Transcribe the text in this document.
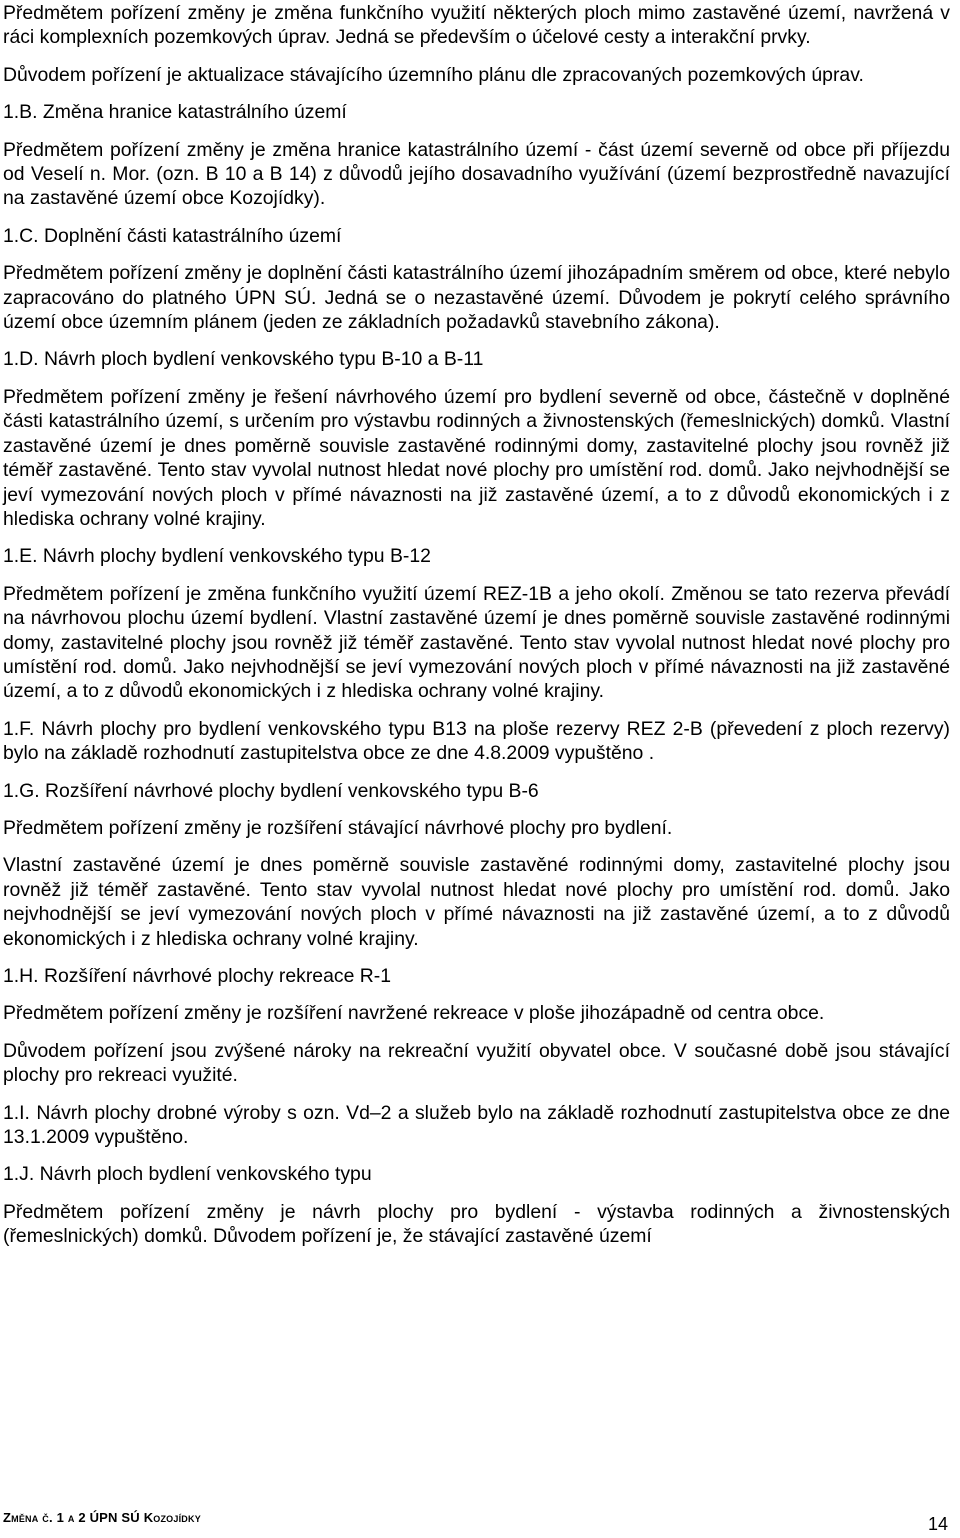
Předmětem pořízení změny je změna funkčního využití některých ploch mimo zastavěné území, navržená v ráci komplexních pozemkových úprav. Jedná se především o účelové cesty a interakční prvky.

Důvodem pořízení je aktualizace stávajícího územního plánu dle zpracovaných pozemkových úprav.

1.B. Změna hranice katastrálního území

Předmětem pořízení změny je změna hranice katastrálního území - část území severně od obce při příjezdu od Veselí n. Mor. (ozn. B 10 a B 14) z důvodů jejího dosavadního využívání (území bezprostředně navazující na zastavěné území obce Kozojídky).

1.C. Doplnění části katastrálního území

Předmětem pořízení změny je doplnění části katastrálního území jihozápadním směrem od obce, které nebylo zapracováno do platného ÚPN SÚ. Jedná se o nezastavěné území. Důvodem je pokrytí celého správního území obce územním plánem (jeden ze základních požadavků stavebního zákona).

1.D. Návrh ploch bydlení venkovského typu B-10 a B-11

Předmětem pořízení změny je řešení návrhového území pro bydlení severně od obce, částečně v doplněné části katastrálního území, s určením pro výstavbu rodinných a živnostenských (řemeslnických) domků. Vlastní zastavěné území je dnes poměrně souvisle zastavěné rodinnými domy, zastavitelné plochy jsou rovněž již téměř zastavěné. Tento stav vyvolal nutnost hledat nové plochy pro umístění rod. domů. Jako nejvhodnější se jeví vymezování nových ploch v přímé návaznosti na již zastavěné území, a to z důvodů ekonomických i z hlediska ochrany volné krajiny.

1.E. Návrh plochy bydlení venkovského typu B-12

Předmětem pořízení je změna funkčního využití území REZ-1B a jeho okolí. Změnou se tato rezerva převádí na návrhovou plochu území bydlení. Vlastní zastavěné území je dnes poměrně souvisle zastavěné rodinnými domy, zastavitelné plochy jsou rovněž již téměř zastavěné. Tento stav vyvolal nutnost hledat nové plochy pro umístění rod. domů. Jako nejvhodnější se jeví vymezování nových ploch v přímé návaznosti na již zastavěné území, a to z důvodů ekonomických i z hlediska ochrany volné krajiny.

1.F. Návrh plochy pro bydlení venkovského typu B13 na ploše rezervy REZ 2-B (převedení z ploch rezervy) bylo na základě rozhodnutí zastupitelstva obce ze dne 4.8.2009 vypuštěno .

1.G. Rozšíření návrhové plochy bydlení venkovského typu B-6

Předmětem pořízení změny je rozšíření stávající návrhové plochy pro bydlení.

Vlastní zastavěné území je dnes poměrně souvisle zastavěné rodinnými domy, zastavitelné plochy jsou rovněž již téměř zastavěné. Tento stav vyvolal nutnost hledat nové plochy pro umístění rod. domů. Jako nejvhodnější se jeví vymezování nových ploch v přímé návaznosti na již zastavěné území, a to z důvodů ekonomických i z hlediska ochrany volné krajiny.

1.H. Rozšíření návrhové plochy rekreace R-1

Předmětem pořízení změny je rozšíření navržené rekreace v ploše jihozápadně od centra obce.

Důvodem pořízení jsou zvýšené nároky na rekreační využití obyvatel obce. V současné době jsou stávající plochy pro rekreaci využité.

1.I. Návrh plochy drobné výroby s ozn. Vd–2 a služeb bylo na základě rozhodnutí zastupitelstva obce ze dne 13.1.2009 vypuštěno.

1.J. Návrh ploch bydlení venkovského typu

Předmětem pořízení změny je návrh plochy pro bydlení - výstavba rodinných a živnostenských (řemeslnických) domků. Důvodem pořízení je, že stávající zastavěné území

Změna č. 1 a 2 ÚPN SÚ Kozojídky	14
